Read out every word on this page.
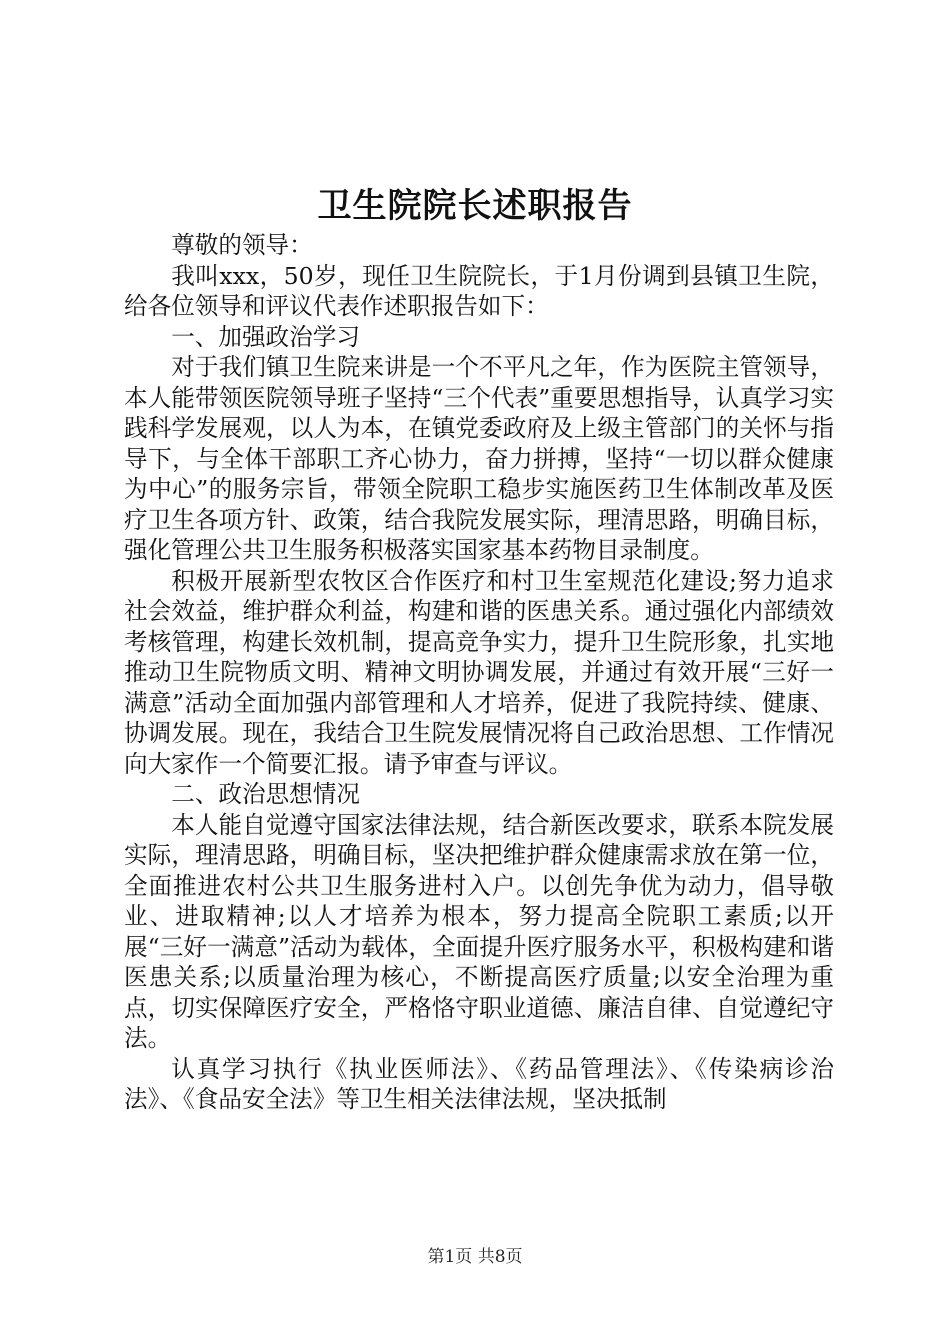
卫生院院长述职报告

尊敬的领导：

我叫xxx，50岁，现任卫生院院长，于1月份调到县镇卫生院，给各位领导和评议代表作述职报告如下：

一、加强政治学习

对于我们镇卫生院来讲是一个不平凡之年，作为医院主管领导，本人能带领医院领导班子坚持“三个代表”重要思想指导，认真学习实践科学发展观，以人为本，在镇党委政府及上级主管部门的关怀与指导下，与全体干部职工齐心协力，奋力拼搏，坚持“一切以群众健康为中心”的服务宗旨，带领全院职工稳步实施医药卫生体制改革及医疗卫生各项方针、政策，结合我院发展实际，理清思路，明确目标，强化管理公共卫生服务积极落实国家基本药物目录制度。

积极开展新型农牧区合作医疗和村卫生室规范化建设;努力追求社会效益，维护群众利益，构建和谐的医患关系。通过强化内部绩效考核管理，构建长效机制，提高竞争实力，提升卫生院形象，扎实地推动卫生院物质文明、精神文明协调发展，并通过有效开展“三好一满意”活动全面加强内部管理和人才培养，促进了我院持续、健康、协调发展。现在，我结合卫生院发展情况将自己政治思想、工作情况向大家作一个简要汇报。请予审查与评议。

二、政治思想情况

本人能自觉遵守国家法律法规，结合新医改要求，联系本院发展实际，理清思路，明确目标，坚决把维护群众健康需求放在第一位，全面推进农村公共卫生服务进村入户。以创先争优为动力，倡导敬业、进取精神;以人才培养为根本，努力提高全院职工素质;以开展“三好一满意”活动为载体，全面提升医疗服务水平，积极构建和谐医患关系;以质量治理为核心，不断提高医疗质量;以安全治理为重点，切实保障医疗安全，严格恪守职业道德、廉洁自律、自觉遵纪守法。

认真学习执行《执业医师法》、《药品管理法》、《传染病诊治法》、《食品安全法》等卫生相关法律法规，坚决抵制

第1页 共8页
